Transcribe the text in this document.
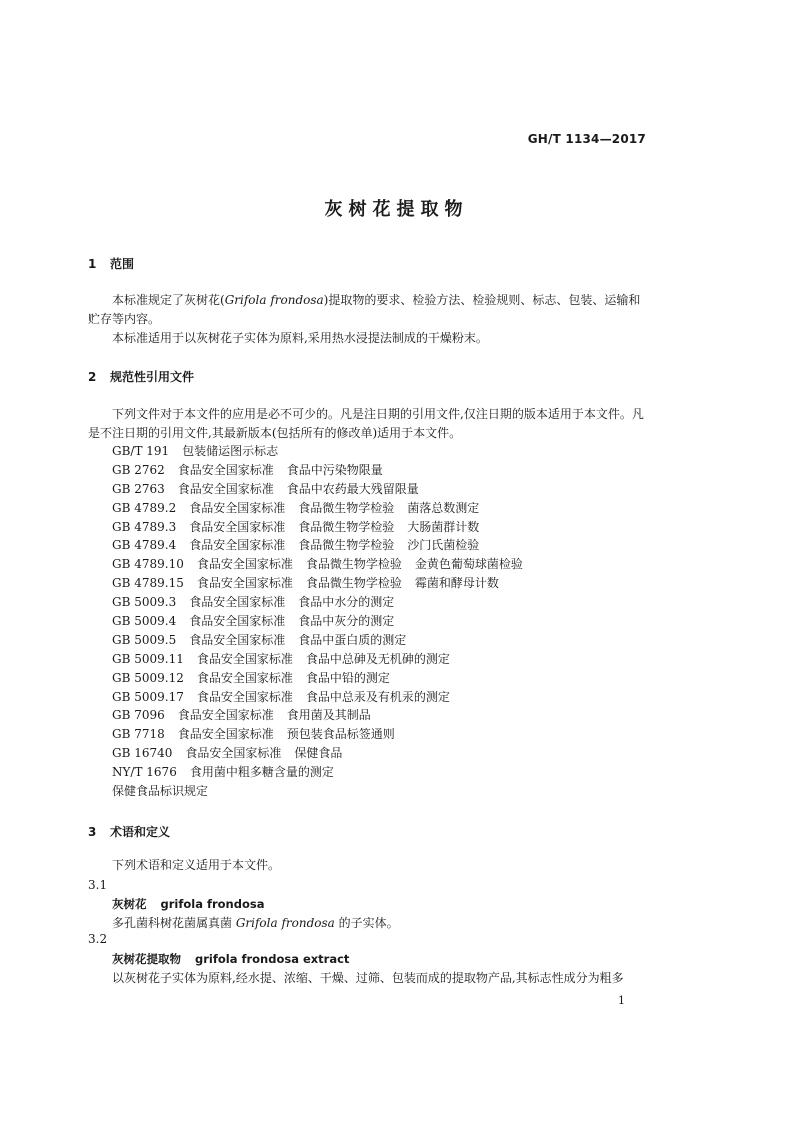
GH/T 1134—2017
灰树花提取物
1 范围

本标准规定了灰树花(Grifola frondosa)提取物的要求、检验方法、检验规则、标志、包装、运输和贮存等内容。

本标准适用于以灰树花子实体为原料,采用热水浸提法制成的干燥粉末。

2 规范性引用文件

下列文件对于本文件的应用是必不可少的。凡是注日期的引用文件,仅注日期的版本适用于本文件。凡是不注日期的引用文件,其最新版本(包括所有的修改单)适用于本文件。

GB/T 191 包装储运图示标志
GB 2762 食品安全国家标准 食品中污染物限量
GB 2763 食品安全国家标准 食品中农药最大残留限量
GB 4789.2 食品安全国家标准 食品微生物学检验 菌落总数测定
GB 4789.3 食品安全国家标准 食品微生物学检验 大肠菌群计数
GB 4789.4 食品安全国家标准 食品微生物学检验 沙门氏菌检验
GB 4789.10 食品安全国家标准 食品微生物学检验 金黄色葡萄球菌检验
GB 4789.15 食品安全国家标准 食品微生物学检验 霉菌和酵母计数
GB 5009.3 食品安全国家标准 食品中水分的测定
GB 5009.4 食品安全国家标准 食品中灰分的测定
GB 5009.5 食品安全国家标准 食品中蛋白质的测定
GB 5009.11 食品安全国家标准 食品中总砷及无机砷的测定
GB 5009.12 食品安全国家标准 食品中铅的测定
GB 5009.17 食品安全国家标准 食品中总汞及有机汞的测定
GB 7096 食品安全国家标准 食用菌及其制品
GB 7718 食品安全国家标准 预包装食品标签通则
GB 16740 食品安全国家标准 保健食品
NY/T 1676 食用菌中粗多糖含量的测定
保健食品标识规定
3 术语和定义

下列术语和定义适用于本文件。

3.1
灰树花 grifola frondosa
多孔菌科树花菌属真菌 Grifola frondosa 的子实体。
3.2
灰树花提取物 grifola frondosa extract
以灰树花子实体为原料,经水提、浓缩、干燥、过筛、包装而成的提取物产品,其标志性成分为粗多
1
